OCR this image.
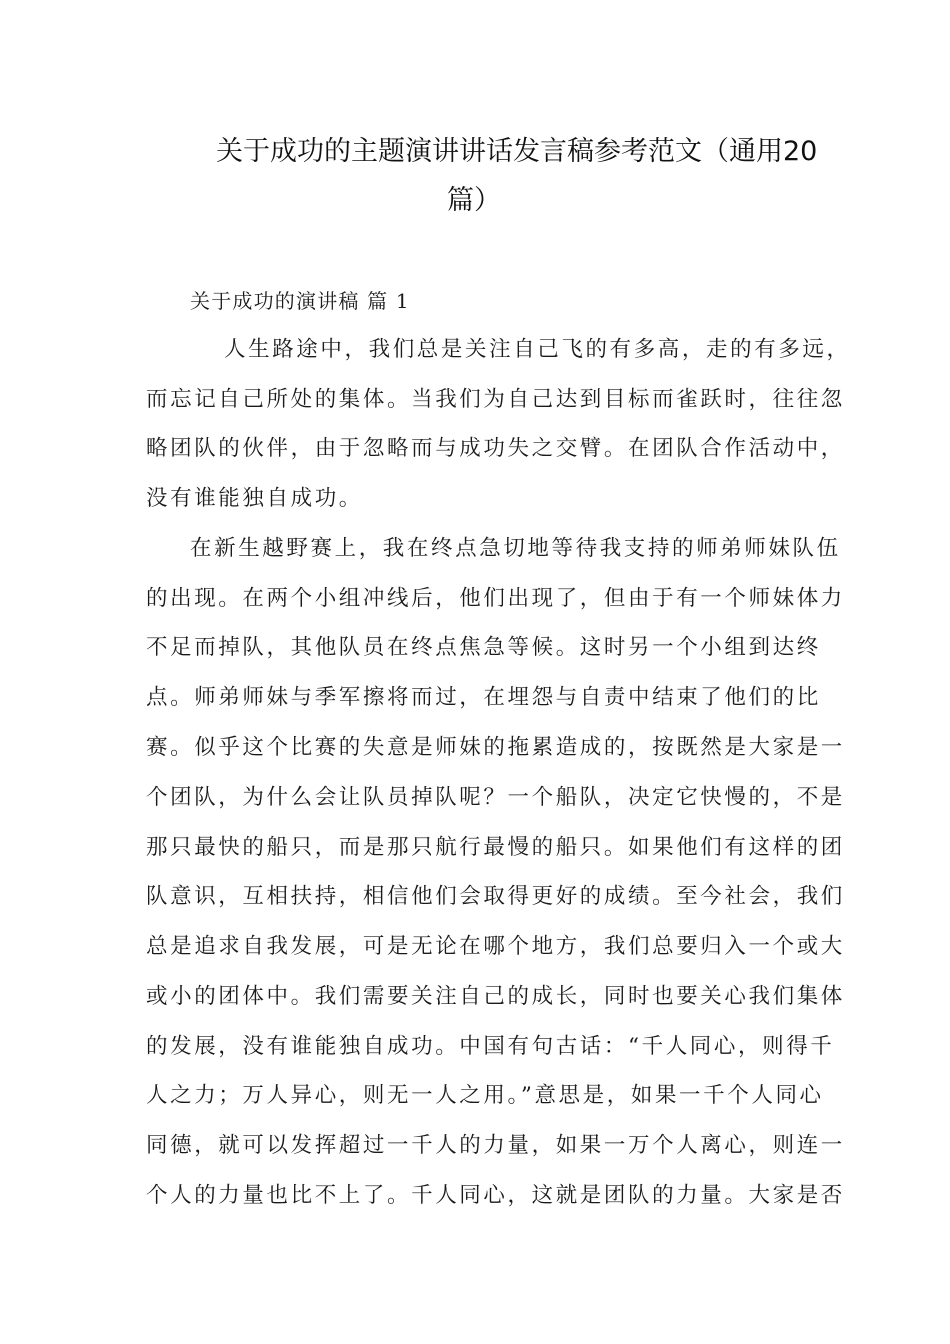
关于成功的主题演讲讲话发言稿参考范文（通用20
篇）
关于成功的演讲稿 篇 1
人生路途中，我们总是关注自己飞的有多高，走的有多远，
而忘记自己所处的集体。当我们为自己达到目标而雀跃时，往往忽
略团队的伙伴，由于忽略而与成功失之交臂。在团队合作活动中，
没有谁能独自成功。
在新生越野赛上，我在终点急切地等待我支持的师弟师妹队伍
的出现。在两个小组冲线后，他们出现了，但由于有一个师妹体力
不足而掉队，其他队员在终点焦急等候。这时另一个小组到达终
点。师弟师妹与季军擦将而过，在埋怨与自责中结束了他们的比
赛。似乎这个比赛的失意是师妹的拖累造成的，按既然是大家是一
个团队，为什么会让队员掉队呢？一个船队，决定它快慢的，不是
那只最快的船只，而是那只航行最慢的船只。如果他们有这样的团
队意识，互相扶持，相信他们会取得更好的成绩。至今社会，我们
总是追求自我发展，可是无论在哪个地方，我们总要归入一个或大
或小的团体中。我们需要关注自己的成长，同时也要关心我们集体
的发展，没有谁能独自成功。中国有句古话：“千人同心，则得千
人之力；万人异心，则无一人之用。”意思是，如果一千个人同心
同德，就可以发挥超过一千人的力量，如果一万个人离心，则连一
个人的力量也比不上了。千人同心，这就是团队的力量。大家是否
